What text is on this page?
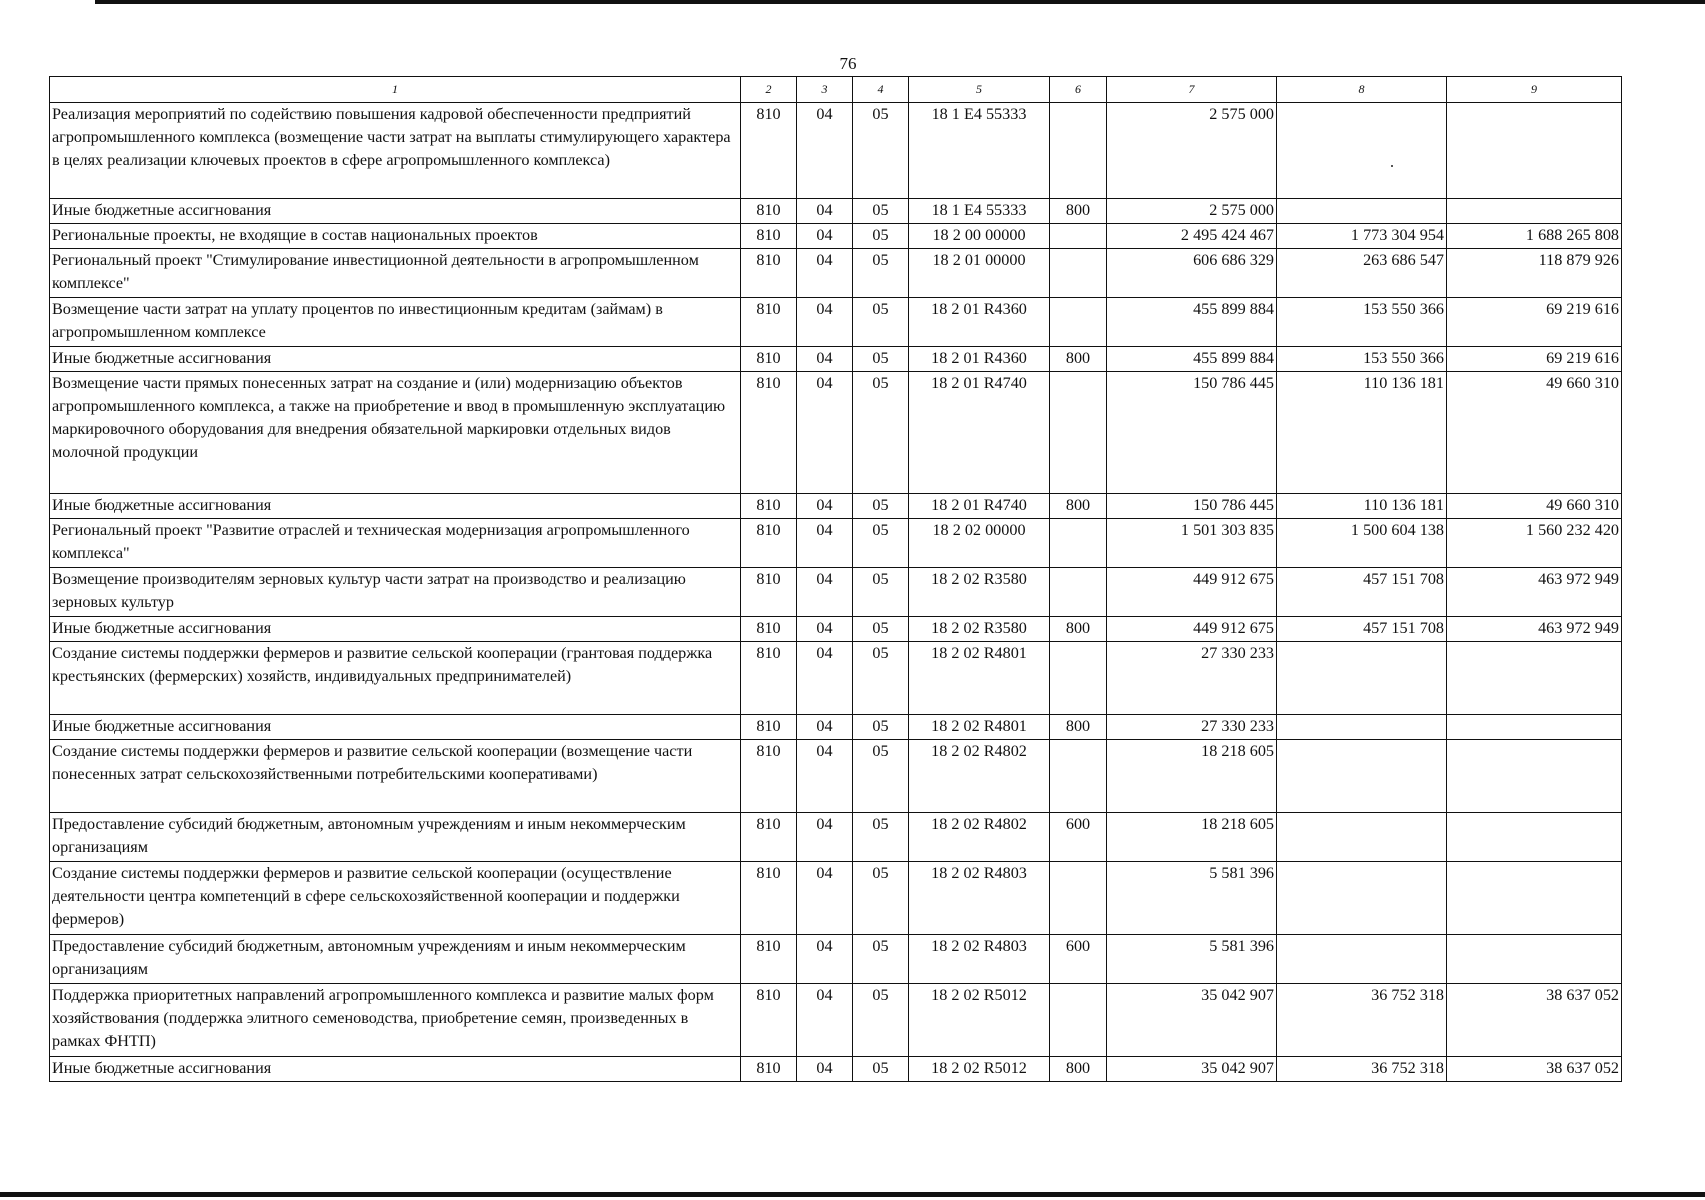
76
1	2	3	4	5	6	7	8	9
Реализация мероприятий по содействию повышения кадровой обеспеченности предприятий агропромышленного комплекса (возмещение части затрат на выплаты стимулирующего характера в целях реализации ключевых проектов в сфере агропромышленного комплекса)	810	04	05	18 1 E4 55333		2 575 000		
Иные бюджетные ассигнования	810	04	05	18 1 E4 55333	800	2 575 000		
Региональные проекты, не входящие в состав национальных проектов	810	04	05	18 2 00 00000		2 495 424 467	1 773 304 954	1 688 265 808
Региональный проект "Стимулирование инвестиционной деятельности в агропромышленном комплексе"	810	04	05	18 2 01 00000		606 686 329	263 686 547	118 879 926
Возмещение части затрат на уплату процентов по инвестиционным кредитам (займам) в агропромышленном комплексе	810	04	05	18 2 01 R4360		455 899 884	153 550 366	69 219 616
Иные бюджетные ассигнования	810	04	05	18 2 01 R4360	800	455 899 884	153 550 366	69 219 616
Возмещение части прямых понесенных затрат на создание и (или) модернизацию объектов агропромышленного комплекса, а также на приобретение и ввод в промышленную эксплуатацию маркировочного оборудования для внедрения обязательной маркировки отдельных видов молочной продукции	810	04	05	18 2 01 R4740		150 786 445	110 136 181	49 660 310
Иные бюджетные ассигнования	810	04	05	18 2 01 R4740	800	150 786 445	110 136 181	49 660 310
Региональный проект "Развитие отраслей и техническая модернизация агропромышленного комплекса"	810	04	05	18 2 02 00000		1 501 303 835	1 500 604 138	1 560 232 420
Возмещение производителям зерновых культур части затрат на производство и реализацию зерновых культур	810	04	05	18 2 02 R3580		449 912 675	457 151 708	463 972 949
Иные бюджетные ассигнования	810	04	05	18 2 02 R3580	800	449 912 675	457 151 708	463 972 949
Создание системы поддержки фермеров и развитие сельской кооперации (грантовая поддержка крестьянских (фермерских) хозяйств, индивидуальных предпринимателей)	810	04	05	18 2 02 R4801		27 330 233		
Иные бюджетные ассигнования	810	04	05	18 2 02 R4801	800	27 330 233		
Создание системы поддержки фермеров и развитие сельской кооперации (возмещение части понесенных затрат сельскохозяйственными потребительскими кооперативами)	810	04	05	18 2 02 R4802		18 218 605		
Предоставление субсидий бюджетным, автономным учреждениям и иным некоммерческим организациям	810	04	05	18 2 02 R4802	600	18 218 605		
Создание системы поддержки фермеров и развитие сельской кооперации (осуществление деятельности центра компетенций в сфере сельскохозяйственной кооперации и поддержки фермеров)	810	04	05	18 2 02 R4803		5 581 396		
Предоставление субсидий бюджетным, автономным учреждениям и иным некоммерческим организациям	810	04	05	18 2 02 R4803	600	5 581 396		
Поддержка приоритетных направлений агропромышленного комплекса и развитие малых форм хозяйствования (поддержка элитного семеноводства, приобретение семян, произведенных в рамках ФНТП)	810	04	05	18 2 02 R5012		35 042 907	36 752 318	38 637 052
Иные бюджетные ассигнования	810	04	05	18 2 02 R5012	800	35 042 907	36 752 318	38 637 052
